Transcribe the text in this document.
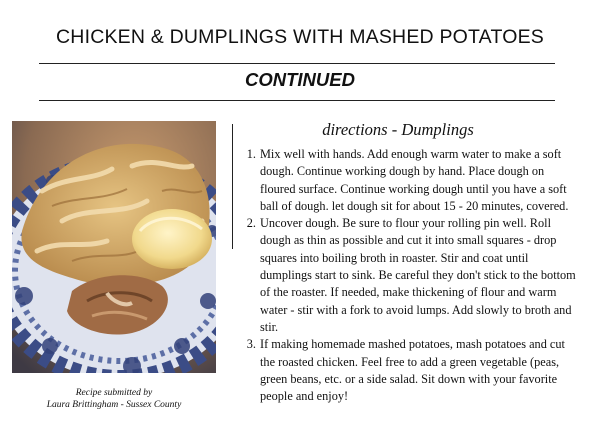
CHICKEN & DUMPLINGS WITH MASHED POTATOES
CONTINUED
Recipe submitted by
Laura Brittingham - Sussex County
directions - Dumplings
1. Mix well with hands. Add enough warm water to make a soft dough. Continue working dough by hand. Place dough on floured surface. Continue working dough until you have a soft ball of dough. let dough sit for about 15 - 20 minutes, covered.
2. Uncover dough. Be sure to flour your rolling pin well. Roll dough as thin as possible and cut it into small squares - drop squares into boiling broth in roaster. Stir and coat until dumplings start to sink. Be careful they don't stick to the bottom of the roaster. If needed, make thickening of flour and warm water - stir with a fork to avoid lumps. Add slowly to broth and stir.
3. If making homemade mashed potatoes, mash potatoes and cut the roasted chicken. Feel free to add a green vegetable (peas, green beans, etc. or a side salad. Sit down with your favorite people and enjoy!
